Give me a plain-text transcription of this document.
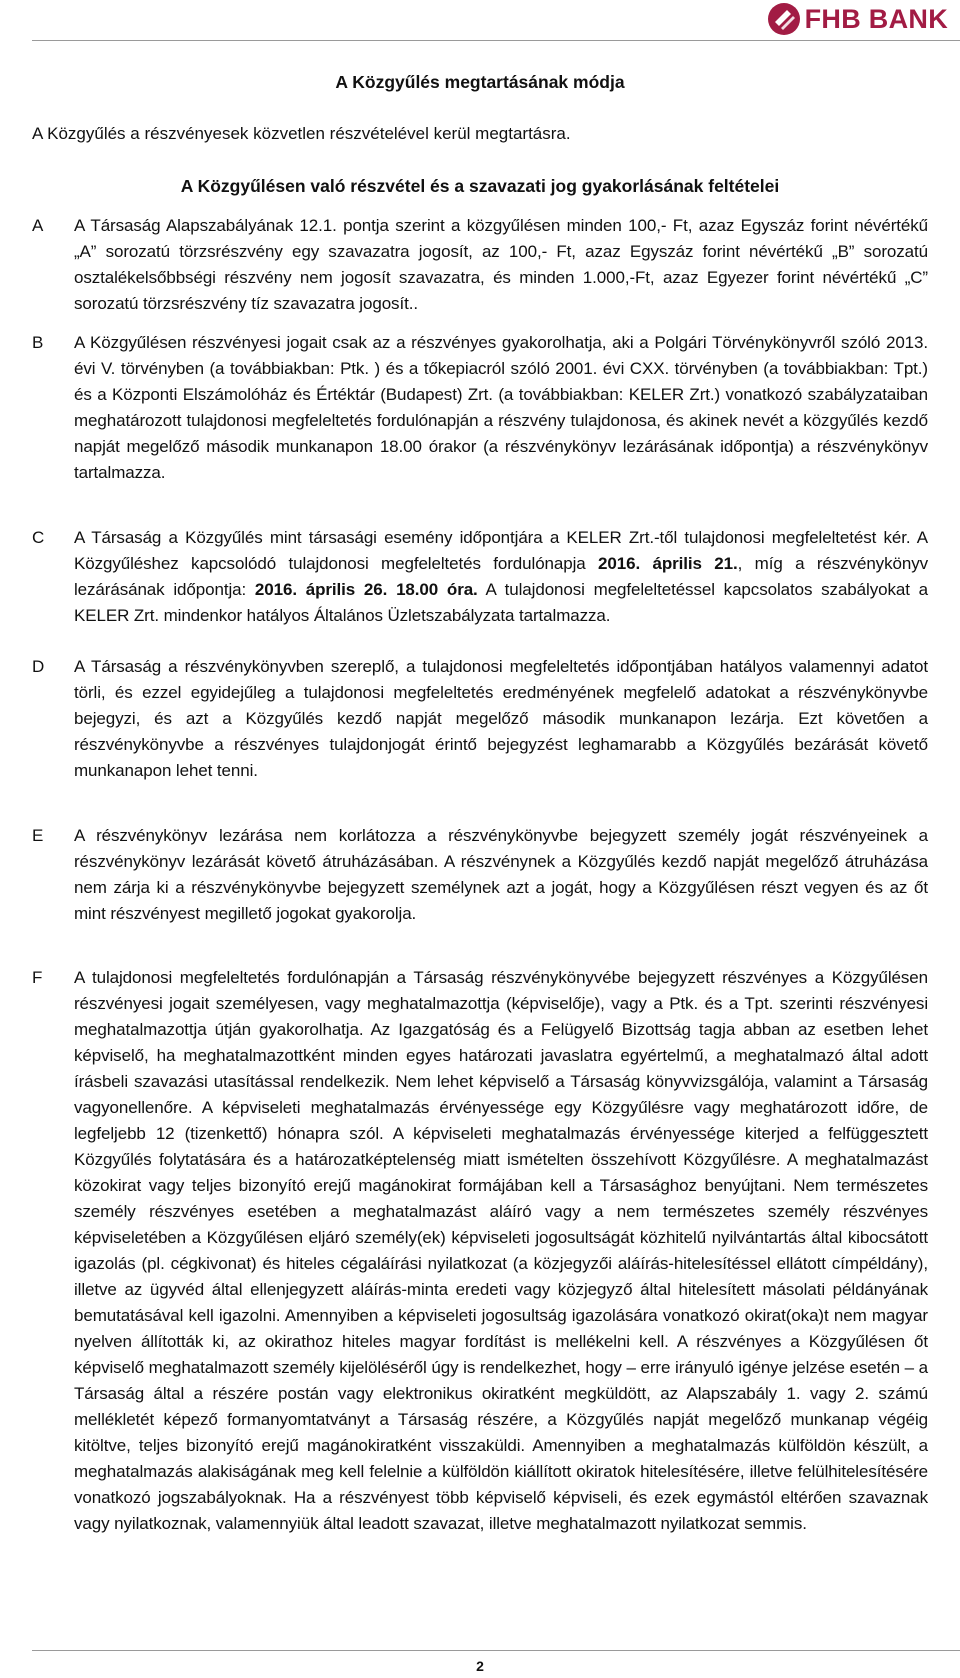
FHB BANK
A Közgyűlés megtartásának módja
A Közgyűlés a részvényesek közvetlen részvételével kerül megtartásra.
A Közgyűlésen való részvétel és a szavazati jog gyakorlásának feltételei
A	A Társaság Alapszabályának 12.1. pontja szerint a közgyűlésen minden 100,- Ft, azaz Egyszáz forint névértékű „A” sorozatú törzsrészvény egy szavazatra jogosít, az 100,- Ft, azaz Egyszáz forint névértékű „B” sorozatú osztalékelsőbbségi részvény nem jogosít szavazatra, és minden 1.000,-Ft, azaz Egyezer forint névértékű „C” sorozatú törzsrészvény tíz szavazatra jogosít..
B	A Közgyűlésen részvényesi jogait csak az a részvényes gyakorolhatja, aki a Polgári Törvénykönyvről szóló 2013. évi V. törvényben (a továbbiakban: Ptk. ) és a tőkepiacról szóló 2001. évi CXX. törvényben (a továbbiakban: Tpt.) és a Központi Elszámolóház és Értéktár (Budapest) Zrt. (a továbbiakban: KELER Zrt.) vonatkozó szabályzataiban meghatározott tulajdonosi megfeleltetés fordulónapján a részvény tulajdonosa, és akinek nevét a közgyűlés kezdő napját megelőző második munkanapon 18.00 órakor (a részvénykönyv lezárásának időpontja) a részvénykönyv tartalmazza.
C	A Társaság a Közgyűlés mint társasági esemény időpontjára a KELER Zrt.-től tulajdonosi megfeleltetést kér. A Közgyűléshez kapcsolódó tulajdonosi megfeleltetés fordulónapja 2016. április 21., míg a részvénykönyv lezárásának időpontja: 2016. április 26. 18.00 óra. A tulajdonosi megfeleltetéssel kapcsolatos szabályokat a KELER Zrt. mindenkor hatályos Általános Üzletszabályzata tartalmazza.
D	A Társaság a részvénykönyvben szereplő, a tulajdonosi megfeleltetés időpontjában hatályos valamennyi adatot törli, és ezzel egyidejűleg a tulajdonosi megfeleltetés eredményének megfelelő adatokat a részvénykönyvbe bejegyzi, és azt a Közgyűlés kezdő napját megelőző második munkanapon lezárja. Ezt követően a részvénykönyvbe a részvényes tulajdonjogát érintő bejegyzést leghamarabb a Közgyűlés bezárását követő munkanapon lehet tenni.
E	A részvénykönyv lezárása nem korlátozza a részvénykönyvbe bejegyzett személy jogát részvényeinek a részvénykönyv lezárását követő átruházásában. A részvénynek a Közgyűlés kezdő napját megelőző átruházása nem zárja ki a részvénykönyvbe bejegyzett személynek azt a jogát, hogy a Közgyűlésen részt vegyen és az őt mint részvényest megillető jogokat gyakorolja.
F	A tulajdonosi megfeleltetés fordulónapján a Társaság részvénykönyvébe bejegyzett részvényes a Közgyűlésen részvényesi jogait személyesen, vagy meghatalmazottja (képviselője), vagy a Ptk. és a Tpt. szerinti részvényesi meghatalmazottja útján gyakorolhatja. Az Igazgatóság és a Felügyelő Bizottság tagja abban az esetben lehet képviselő, ha meghatalmazottként minden egyes határozati javaslatra egyértelmű, a meghatalmazó által adott írásbeli szavazási utasítással rendelkezik. Nem lehet képviselő a Társaság könyvvizsgálója, valamint a Társaság vagyonellenőre. A képviseleti meghatalmazás érvényessége egy Közgyűlésre vagy meghatározott időre, de legfeljebb 12 (tizenkettő) hónapra szól. A képviseleti meghatalmazás érvényessége kiterjed a felfüggesztett Közgyűlés folytatására és a határozatképtelenség miatt ismételten összehívott Közgyűlésre. A meghatalmazást közokirat vagy teljes bizonyító erejű magánokirat formájában kell a Társasághoz benyújtani. Nem természetes személy részvényes esetében a meghatalmazást aláíró vagy a nem természetes személy részvényes képviseletében a Közgyűlésen eljáró személy(ek) képviseleti jogosultságát közhitelű nyilvántartás által kibocsátott igazolás (pl. cégkivonat) és hiteles cégaláírási nyilatkozat (a közjegyzői aláírás-hitelesítéssel ellátott címpéldány), illetve az ügyvéd által ellenjegyzett aláírás-minta eredeti vagy közjegyző által hitelesített másolati példányának bemutatásával kell igazolni. Amennyiben a képviseleti jogosultság igazolására vonatkozó okirat(oka)t nem magyar nyelven állították ki, az okirathoz hiteles magyar fordítást is mellékelni kell. A részvényes a Közgyűlésen őt képviselő meghatalmazott személy kijelöléséről úgy is rendelkezhet, hogy – erre irányuló igénye jelzése esetén – a Társaság által a részére postán vagy elektronikus okiratként megküldött, az Alapszabály 1. vagy 2. számú mellékletét képező formanyomtatványt a Társaság részére, a Közgyűlés napját megelőző munkanap végéig kitöltve, teljes bizonyító erejű magánokiratként visszaküldi. Amennyiben a meghatalmazás külföldön készült, a meghatalmazás alakiságának meg kell felelnie a külföldön kiállított okiratok hitelesítésére, illetve felülhitelesítésére vonatkozó jogszabályoknak. Ha a részvényest több képviselő képviseli, és ezek egymástól eltérően szavaznak vagy nyilatkoznak, valamennyiük által leadott szavazat, illetve meghatalmazott nyilatkozat semmis.
2
